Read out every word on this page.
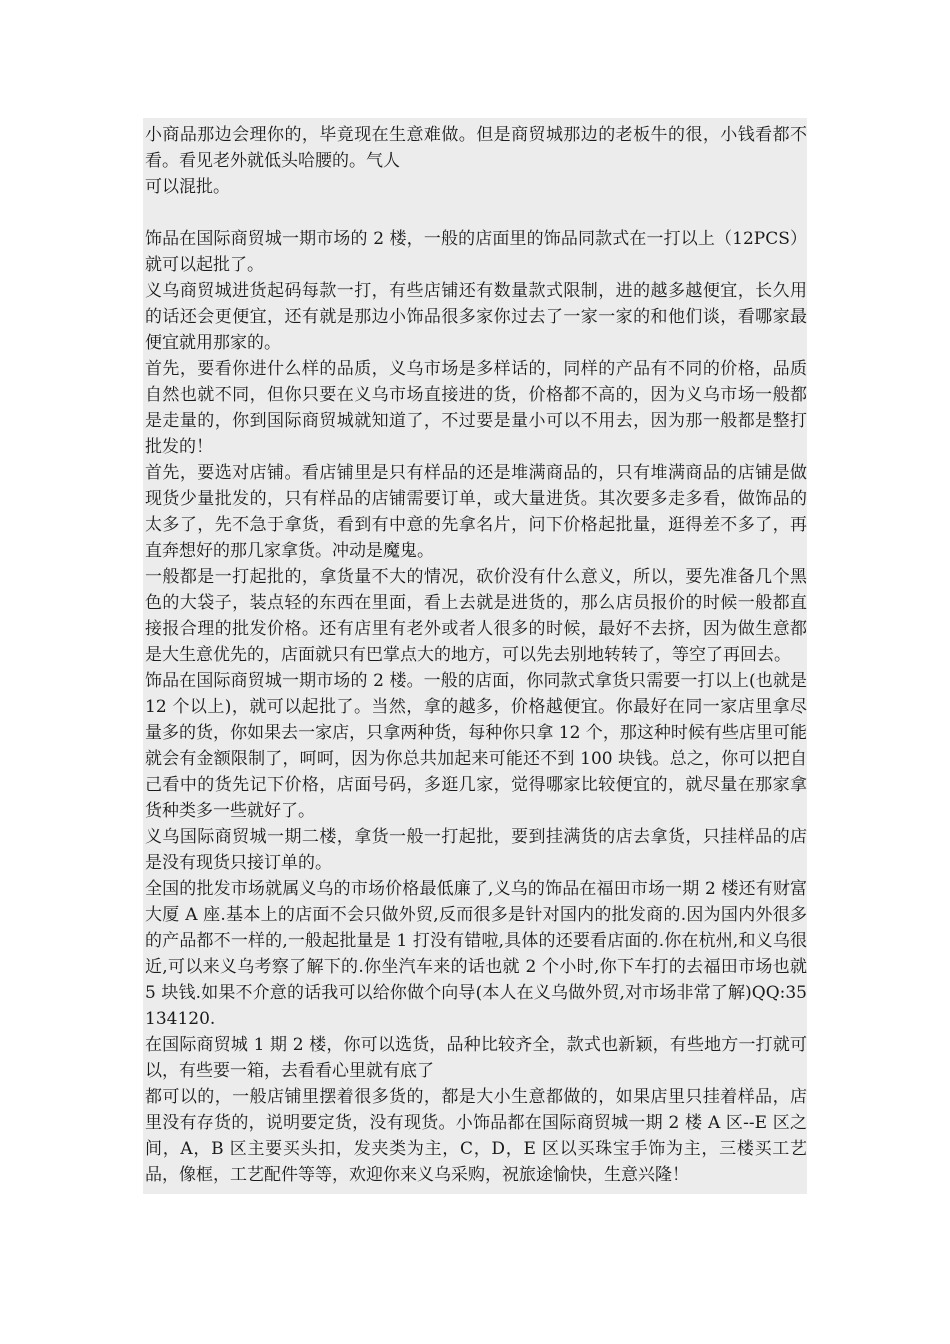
小商品那边会理你的，毕竟现在生意难做。但是商贸城那边的老板牛的很，小钱看都不看。看见老外就低头哈腰的。气人

可以混批。

饰品在国际商贸城一期市场的 2 楼，一般的店面里的饰品同款式在一打以上（12PCS）就可以起批了。

义乌商贸城进货起码每款一打，有些店铺还有数量款式限制，进的越多越便宜，长久用的话还会更便宜，还有就是那边小饰品很多家你过去了一家一家的和他们谈，看哪家最便宜就用那家的。

首先，要看你进什么样的品质，义乌市场是多样话的，同样的产品有不同的价格，品质自然也就不同，但你只要在义乌市场直接进的货，价格都不高的，因为义乌市场一般都是走量的，你到国际商贸城就知道了，不过要是量小可以不用去，因为那一般都是整打批发的！

首先，要选对店铺。看店铺里是只有样品的还是堆满商品的，只有堆满商品的店铺是做现货少量批发的，只有样品的店铺需要订单，或大量进货。其次要多走多看，做饰品的太多了，先不急于拿货，看到有中意的先拿名片，问下价格起批量，逛得差不多了，再直奔想好的那几家拿货。冲动是魔鬼。

一般都是一打起批的，拿货量不大的情况，砍价没有什么意义，所以，要先准备几个黑色的大袋子，装点轻的东西在里面，看上去就是进货的，那么店员报价的时候一般都直接报合理的批发价格。还有店里有老外或者人很多的时候，最好不去挤，因为做生意都是大生意优先的，店面就只有巴掌点大的地方，可以先去别地转转了，等空了再回去。

饰品在国际商贸城一期市场的 2 楼。一般的店面，你同款式拿货只需要一打以上(也就是 12 个以上)，就可以起批了。当然，拿的越多，价格越便宜。你最好在同一家店里拿尽量多的货，你如果去一家店，只拿两种货，每种你只拿 12 个，那这种时候有些店里可能就会有金额限制了，呵呵，因为你总共加起来可能还不到 100 块钱。总之，你可以把自己看中的货先记下价格，店面号码，多逛几家，觉得哪家比较便宜的，就尽量在那家拿货种类多一些就好了。

义乌国际商贸城一期二楼，拿货一般一打起批，要到挂满货的店去拿货，只挂样品的店是没有现货只接订单的。

全国的批发市场就属义乌的市场价格最低廉了,义乌的饰品在福田市场一期 2 楼还有财富大厦 A 座.基本上的店面不会只做外贸,反而很多是针对国内的批发商的.因为国内外很多的产品都不一样的,一般起批量是 1 打没有错啦,具体的还要看店面的.你在杭州,和义乌很近,可以来义乌考察了解下的.你坐汽车来的话也就 2 个小时,你下车打的去福田市场也就 5 块钱.如果不介意的话我可以给你做个向导(本人在义乌做外贸,对市场非常了解)QQ:35134120.

在国际商贸城 1 期 2 楼，你可以选货，品种比较齐全，款式也新颖，有些地方一打就可以，有些要一箱，去看看心里就有底了

都可以的，一般店铺里摆着很多货的，都是大小生意都做的，如果店里只挂着样品，店里没有存货的，说明要定货，没有现货。小饰品都在国际商贸城一期 2 楼 A 区--E 区之间，A，B 区主要买头扣，发夹类为主，C，D，E 区以买珠宝手饰为主，三楼买工艺品，像框，工艺配件等等，欢迎你来义乌采购，祝旅途愉快，生意兴隆！
